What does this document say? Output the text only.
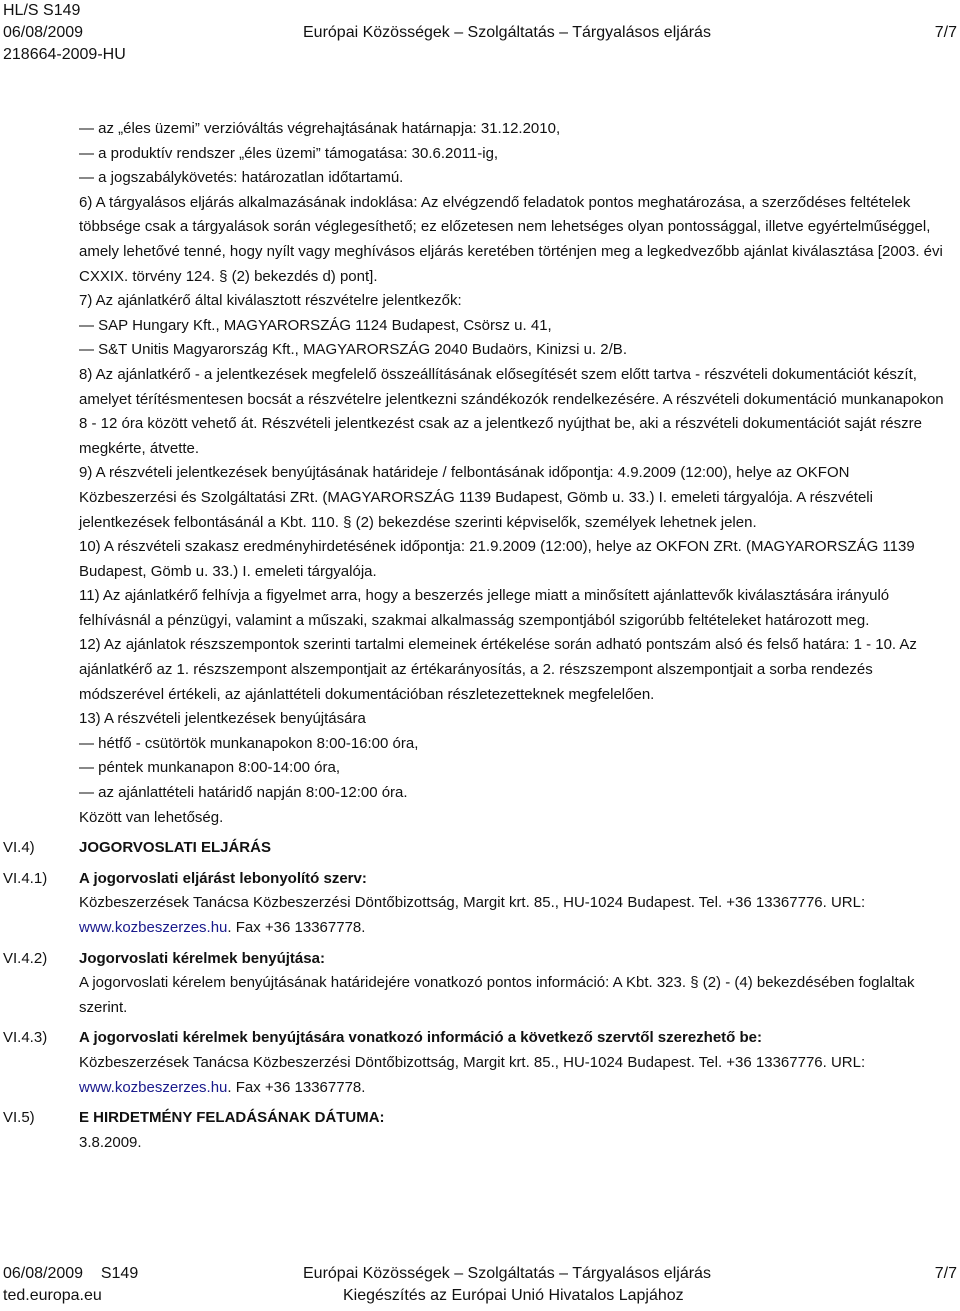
HL/S S149
06/08/2009	Európai Közösségek – Szolgáltatás – Tárgyalásos eljárás	7/7
218664-2009-HU
— az „éles üzemi” verzióváltás végrehajtásának határnapja: 31.12.2010,
— a produktív rendszer „éles üzemi” támogatása: 30.6.2011-ig,
— a jogszabálykövetés: határozatlan időtartamú.

6) A tárgyalásos eljárás alkalmazásának indoklása: Az elvégzendő feladatok pontos meghatározása, a szerződéses feltételek többsége csak a tárgyalások során véglegesíthető; ez előzetesen nem lehetséges olyan pontossággal, illetve egyértelműséggel, amely lehetővé tenné, hogy nyílt vagy meghívásos eljárás keretében történjen meg a legkedvezőbb ajánlat kiválasztása [2003. évi CXXIX. törvény 124. § (2) bekezdés d) pont].

7) Az ajánlatkérő által kiválasztott részvételre jelentkezők:

— SAP Hungary Kft., MAGYARORSZÁG 1124 Budapest, Csörsz u. 41,
— S&T Unitis Magyarország Kft., MAGYARORSZÁG 2040 Budaörs, Kinizsi u. 2/B.

8) Az ajánlatkérő - a jelentkezések megfelelő összeállításának elősegítését szem előtt tartva - részvételi dokumentációt készít, amelyet térítésmentesen bocsát a részvételre jelentkezni szándékozók rendelkezésére. A részvételi dokumentáció munkanapokon 8 - 12 óra között vehető át. Részvételi jelentkezést csak az a jelentkező nyújthat be, aki a részvételi dokumentációt saját részre megkérte, átvette.

9) A részvételi jelentkezések benyújtásának határideje / felbontásának időpontja: 4.9.2009 (12:00), helye az OKFON Közbeszerzési és Szolgáltatási ZRt. (MAGYARORSZÁG 1139 Budapest, Gömb u. 33.) I. emeleti tárgyalója. A részvételi jelentkezések felbontásánál a Kbt. 110. § (2) bekezdése szerinti képviselők, személyek lehetnek jelen.

10) A részvételi szakasz eredményhirdetésének időpontja: 21.9.2009 (12:00), helye az OKFON ZRt. (MAGYARORSZÁG 1139 Budapest, Gömb u. 33.) I. emeleti tárgyalója.

11) Az ajánlatkérő felhívja a figyelmet arra, hogy a beszerzés jellege miatt a minősített ajánlattevők kiválasztására irányuló felhívásnál a pénzügyi, valamint a műszaki, szakmai alkalmasság szempontjából szigorúbb feltételeket határozott meg.

12) Az ajánlatok részszempontok szerinti tartalmi elemeinek értékelése során adható pontszám alsó és felső határa: 1 - 10. Az ajánlatkérő az 1. részszempont alszempontjait az értékarányosítás, a 2. részszempont alszempontjait a sorba rendezés módszerével értékeli, az ajánlattételi dokumentációban részletezetteknek megfelelően.

13) A részvételi jelentkezések benyújtására

— hétfő - csütörtök munkanapokon 8:00-16:00 óra,
— péntek munkanapon 8:00-14:00 óra,
— az ajánlattételi határidő napján 8:00-12:00 óra.

Között van lehetőség.

VI.4)	JOGORVOSLATI ELJÁRÁS

VI.4.1)	A jogorvoslati eljárást lebonyolító szerv:

Közbeszerzések Tanácsa Közbeszerzési Döntőbizottság, Margit krt. 85., HU-1024 Budapest. Tel. +36 13367776. URL: www.kozbeszerzes.hu. Fax +36 13367778.

VI.4.2)	Jogorvoslati kérelmek benyújtása:

A jogorvoslati kérelem benyújtásának határidejére vonatkozó pontos információ: A Kbt. 323. § (2) - (4) bekezdésében foglaltak szerint.

VI.4.3)	A jogorvoslati kérelmek benyújtására vonatkozó információ a következő szervtől szerezhető be:

Közbeszerzések Tanácsa Közbeszerzési Döntőbizottság, Margit krt. 85., HU-1024 Budapest. Tel. +36 13367776. URL: www.kozbeszerzes.hu. Fax +36 13367778.

VI.5)	E HIRDETMÉNY FELADÁSÁNAK DÁTUMA:

3.8.2009.

06/08/2009    S149	Európai Közösségek – Szolgáltatás – Tárgyalásos eljárás	7/7
ted.europa.eu	Kiegészítés az Európai Unió Hivatalos Lapjához
